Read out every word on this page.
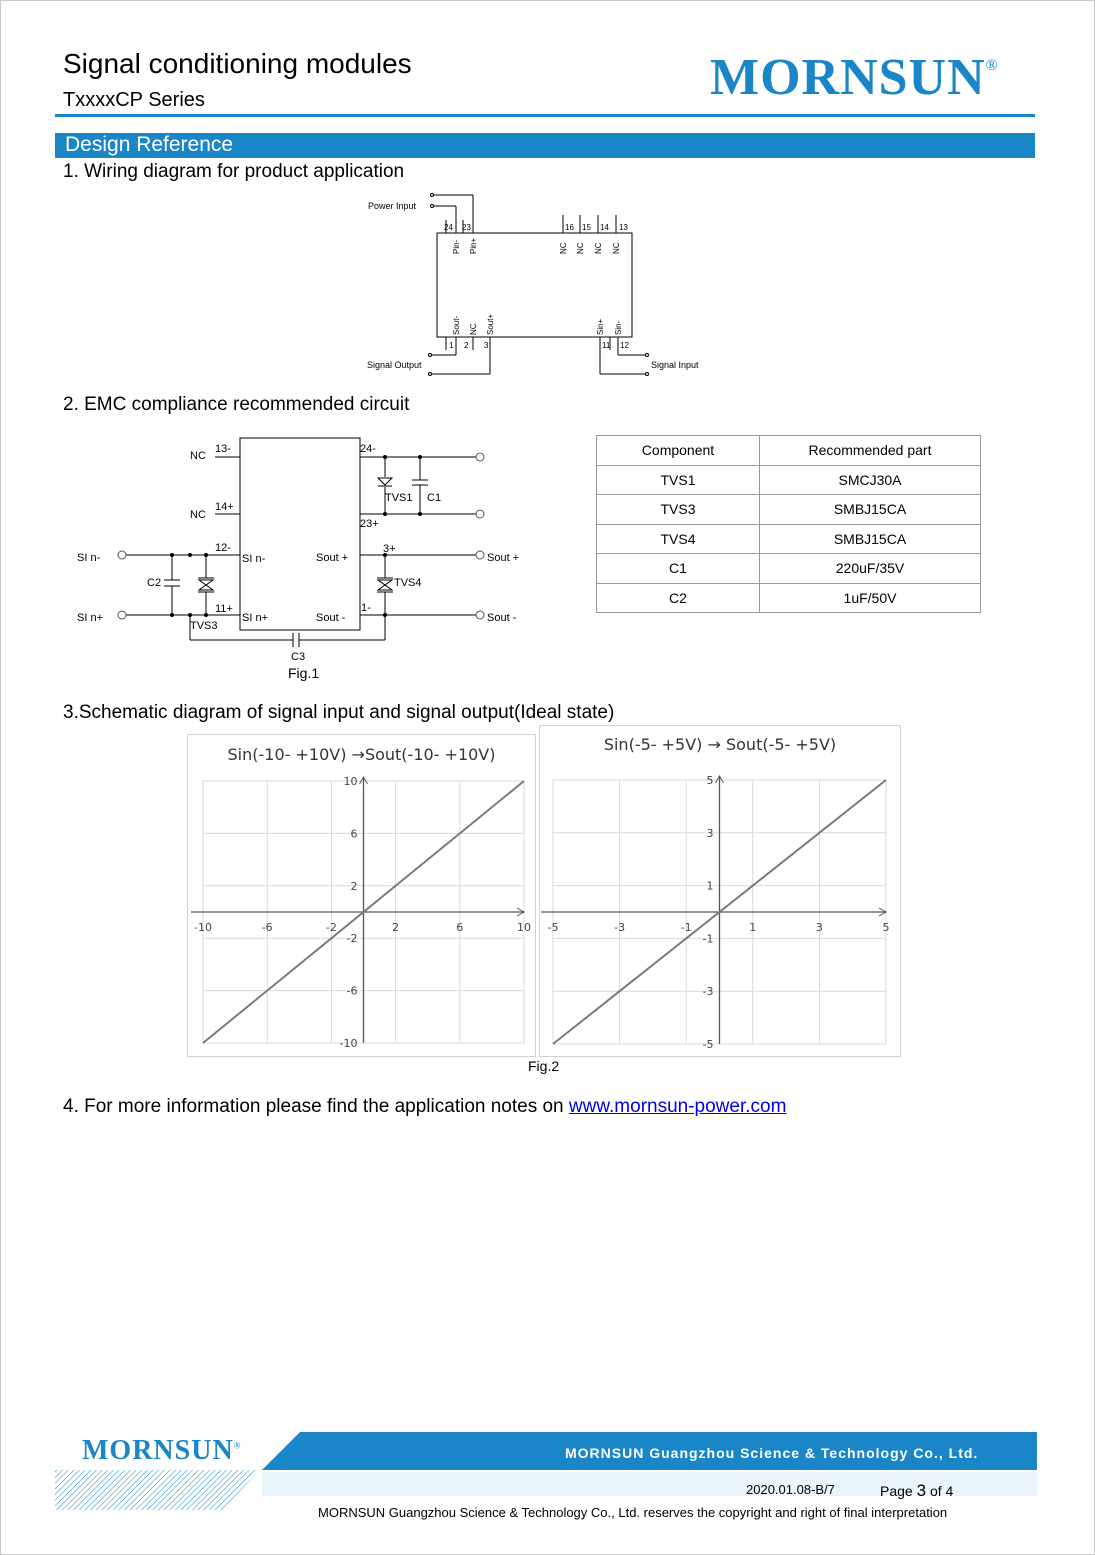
Signal conditioning modules
TxxxxCP Series	MORNSUN®
Design Reference
1. Wiring diagram for product application
Power Input
Signal Output	Signal Input
24 23	16 15 14 13
1 2 3	11 12
Pin- Pin+	NC NC NC NC
Sout- NC Sout+	Sin+ Sin-
2. EMC compliance recommended circuit
NC
NC
13-
14+
12-
11+
24-
23+
3+
1-
SI n-
SI n+
Sout +
Sout -
SI n-
SI n+
Sout +
Sout -
TVS1 C1
C2
C3
TVS3
TVS4
Fig.1
Component	Recommended part
TVS1	SMCJ30A
TVS3	SMBJ15CA
TVS4	SMBJ15CA
C1	220uF/35V
C2	1uF/50V
3.Schematic diagram of signal input and signal output(Ideal state)
Sin(-10- +10V) →Sout(-10- +10V)
-10	-6	-2	2	6	10
10
6
2
-2
-6
-10
Sin(-5- +5V) → Sout(-5- +5V)
-5	-3	-1	1	3	5
5
3
1
-1
-3
-5
Fig.2
4. For more information please find the application notes on www.mornsun-power.com
MORNSUN®	MORNSUN Guangzhou Science & Technology Co., Ltd.
2020.01.08-B/7	Page 3 of 4
MORNSUN Guangzhou Science & Technology Co., Ltd. reserves the copyright and right of final interpretation
